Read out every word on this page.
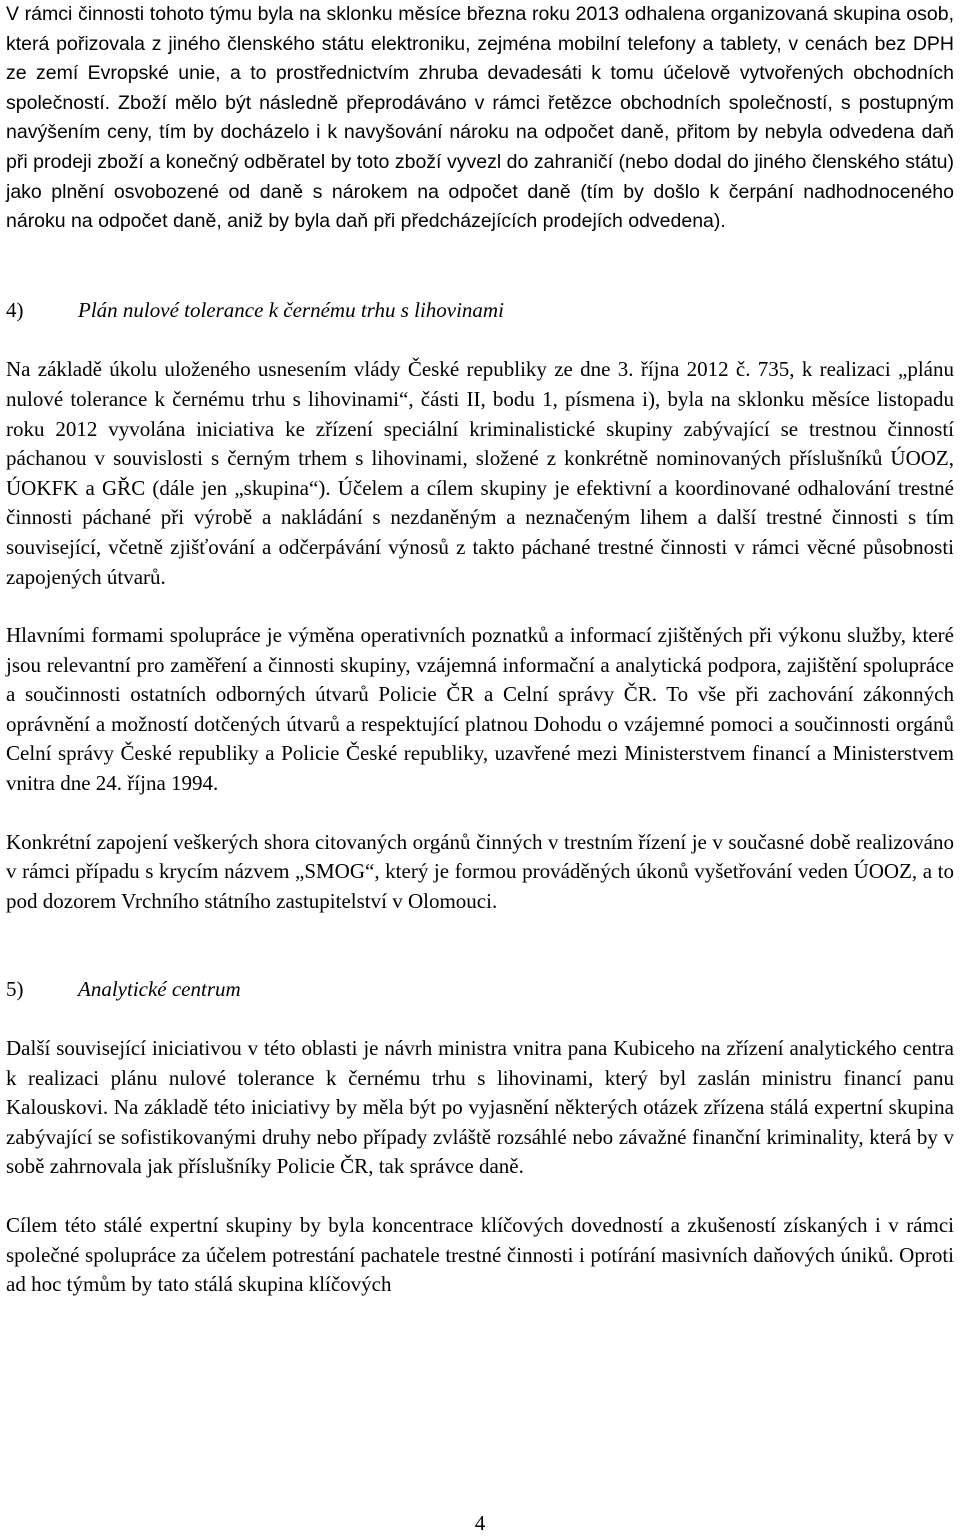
V rámci činnosti tohoto týmu byla na sklonku měsíce března roku 2013 odhalena organizovaná skupina osob, která pořizovala z jiného členského státu elektroniku, zejména mobilní telefony a tablety, v cenách bez DPH ze zemí Evropské unie, a to prostřednictvím zhruba devadesáti k tomu účelově vytvořených obchodních společností. Zboží mělo být následně přeprodáváno v rámci řetězce obchodních společností, s postupným navýšením ceny, tím by docházelo i k navyšování nároku na odpočet daně, přitom by nebyla odvedena daň při prodeji zboží a konečný odběratel by toto zboží vyvezl do zahraničí (nebo dodal do jiného členského státu) jako plnění osvobozené od daně s nárokem na odpočet daně (tím by došlo k čerpání nadhodnoceného nároku na odpočet daně, aniž by byla daň při předcházejících prodejích odvedena).

4)	Plán nulové tolerance k černému trhu s lihovinami

Na základě úkolu uloženého usnesením vlády České republiky ze dne 3. října 2012 č. 735, k realizaci „plánu nulové tolerance k černému trhu s lihovinami“, části II, bodu 1, písmena i), byla na sklonku měsíce listopadu roku 2012 vyvolána iniciativa ke zřízení speciální kriminalistické skupiny zabývající se trestnou činností páchanou v souvislosti s černým trhem s lihovinami, složené z konkrétně nominovaných příslušníků ÚOOZ, ÚOKFK a GŘC (dále jen „skupina“). Účelem a cílem skupiny je efektivní a koordinované odhalování trestné činnosti páchané při výrobě a nakládání s nezdaněným a neznačeným lihem a další trestné činnosti s tím související, včetně zjišťování a odčerpávání výnosů z takto páchané trestné činnosti v rámci věcné působnosti zapojených útvarů.

Hlavními formami spolupráce je výměna operativních poznatků a informací zjištěných při výkonu služby, které jsou relevantní pro zaměření a činnosti skupiny, vzájemná informační a analytická podpora, zajištění spolupráce a součinnosti ostatních odborných útvarů Policie ČR a Celní správy ČR. To vše při zachování zákonných oprávnění a možností dotčených útvarů a respektující platnou Dohodu o vzájemné pomoci a součinnosti orgánů Celní správy České republiky a Policie České republiky, uzavřené mezi Ministerstvem financí a Ministerstvem vnitra dne 24. října 1994.

Konkrétní zapojení veškerých shora citovaných orgánů činných v trestním řízení je v současné době realizováno v rámci případu s krycím názvem „SMOG“, který je formou prováděných úkonů vyšetřování veden ÚOOZ, a to pod dozorem Vrchního státního zastupitelství v Olomouci.

5)	Analytické centrum

Další související iniciativou v této oblasti je návrh ministra vnitra pana Kubiceho na zřízení analytického centra k realizaci plánu nulové tolerance k černému trhu s lihovinami, který byl zaslán ministru financí panu Kalouskovi. Na základě této iniciativy by měla být po vyjasnění některých otázek zřízena stálá expertní skupina zabývající se sofistikovanými druhy nebo případy zvláště rozsáhlé nebo závažné finanční kriminality, která by v sobě zahrnovala jak příslušníky Policie ČR, tak správce daně.

Cílem této stálé expertní skupiny by byla koncentrace klíčových dovedností a zkušeností získaných i v rámci společné spolupráce za účelem potrestání pachatele trestné činnosti i potírání masivních daňových úniků. Oproti ad hoc týmům by tato stálá skupina klíčových

4
